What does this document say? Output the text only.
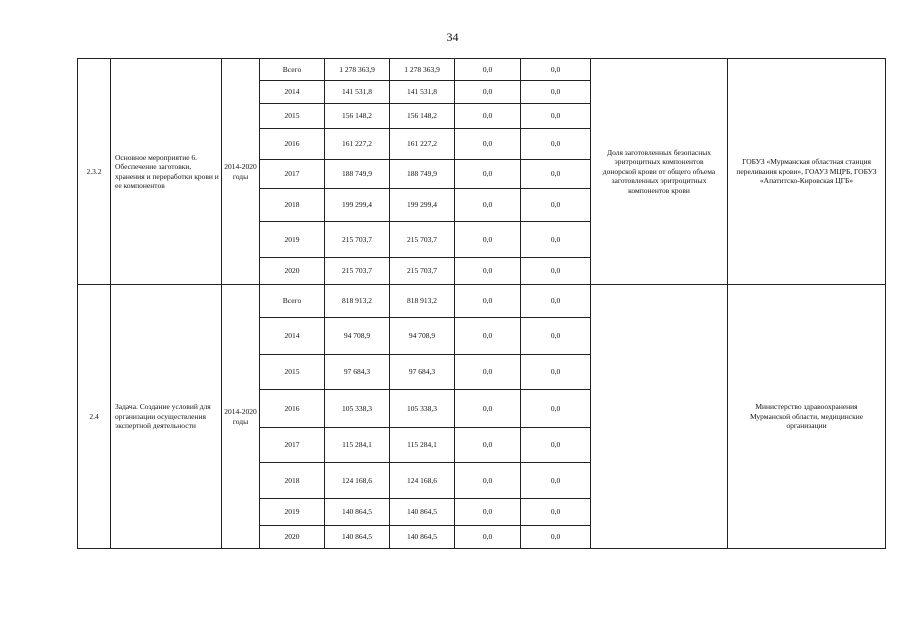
34
2.3.2	Основное мероприятие 6. Обеспечение заготовки, хранения и переработки крови и ее компонентов	2014-2020 годы	Всего	1 278 363,9	1 278 363,9	0,0	0,0	Доля заготовленных безопасных эритроцитных компонентов донорской крови от общего объема заготовленных эритроцитных компонентов крови	ГОБУЗ «Мурманская областная станция переливания крови», ГОАУЗ МЦРБ, ГОБУЗ «Апатитско-Кировская ЦГБ»
			2014	141 531,8	141 531,8	0,0	0,0		
			2015	156 148,2	156 148,2	0,0	0,0		
			2016	161 227,2	161 227,2	0,0	0,0		
			2017	188 749,9	188 749,9	0,0	0,0		
			2018	199 299,4	199 299,4	0,0	0,0		
			2019	215 703,7	215 703,7	0,0	0,0		
			2020	215 703,7	215 703,7	0,0	0,0		
2.4	Задача. Создание условий для организации осуществления экспертной деятельности	2014-2020 годы	Всего	818 913,2	818 913,2	0,0	0,0		Министерство здравоохранения Мурманской области, медицинские организации
			2014	94 708,9	94 708,9	0,0	0,0		
			2015	97 684,3	97 684,3	0,0	0,0		
			2016	105 338,3	105 338,3	0,0	0,0		
			2017	115 284,1	115 284,1	0,0	0,0		
			2018	124 168,6	124 168,6	0,0	0,0		
			2019	140 864,5	140 864,5	0,0	0,0		
			2020	140 864,5	140 864,5	0,0	0,0		
